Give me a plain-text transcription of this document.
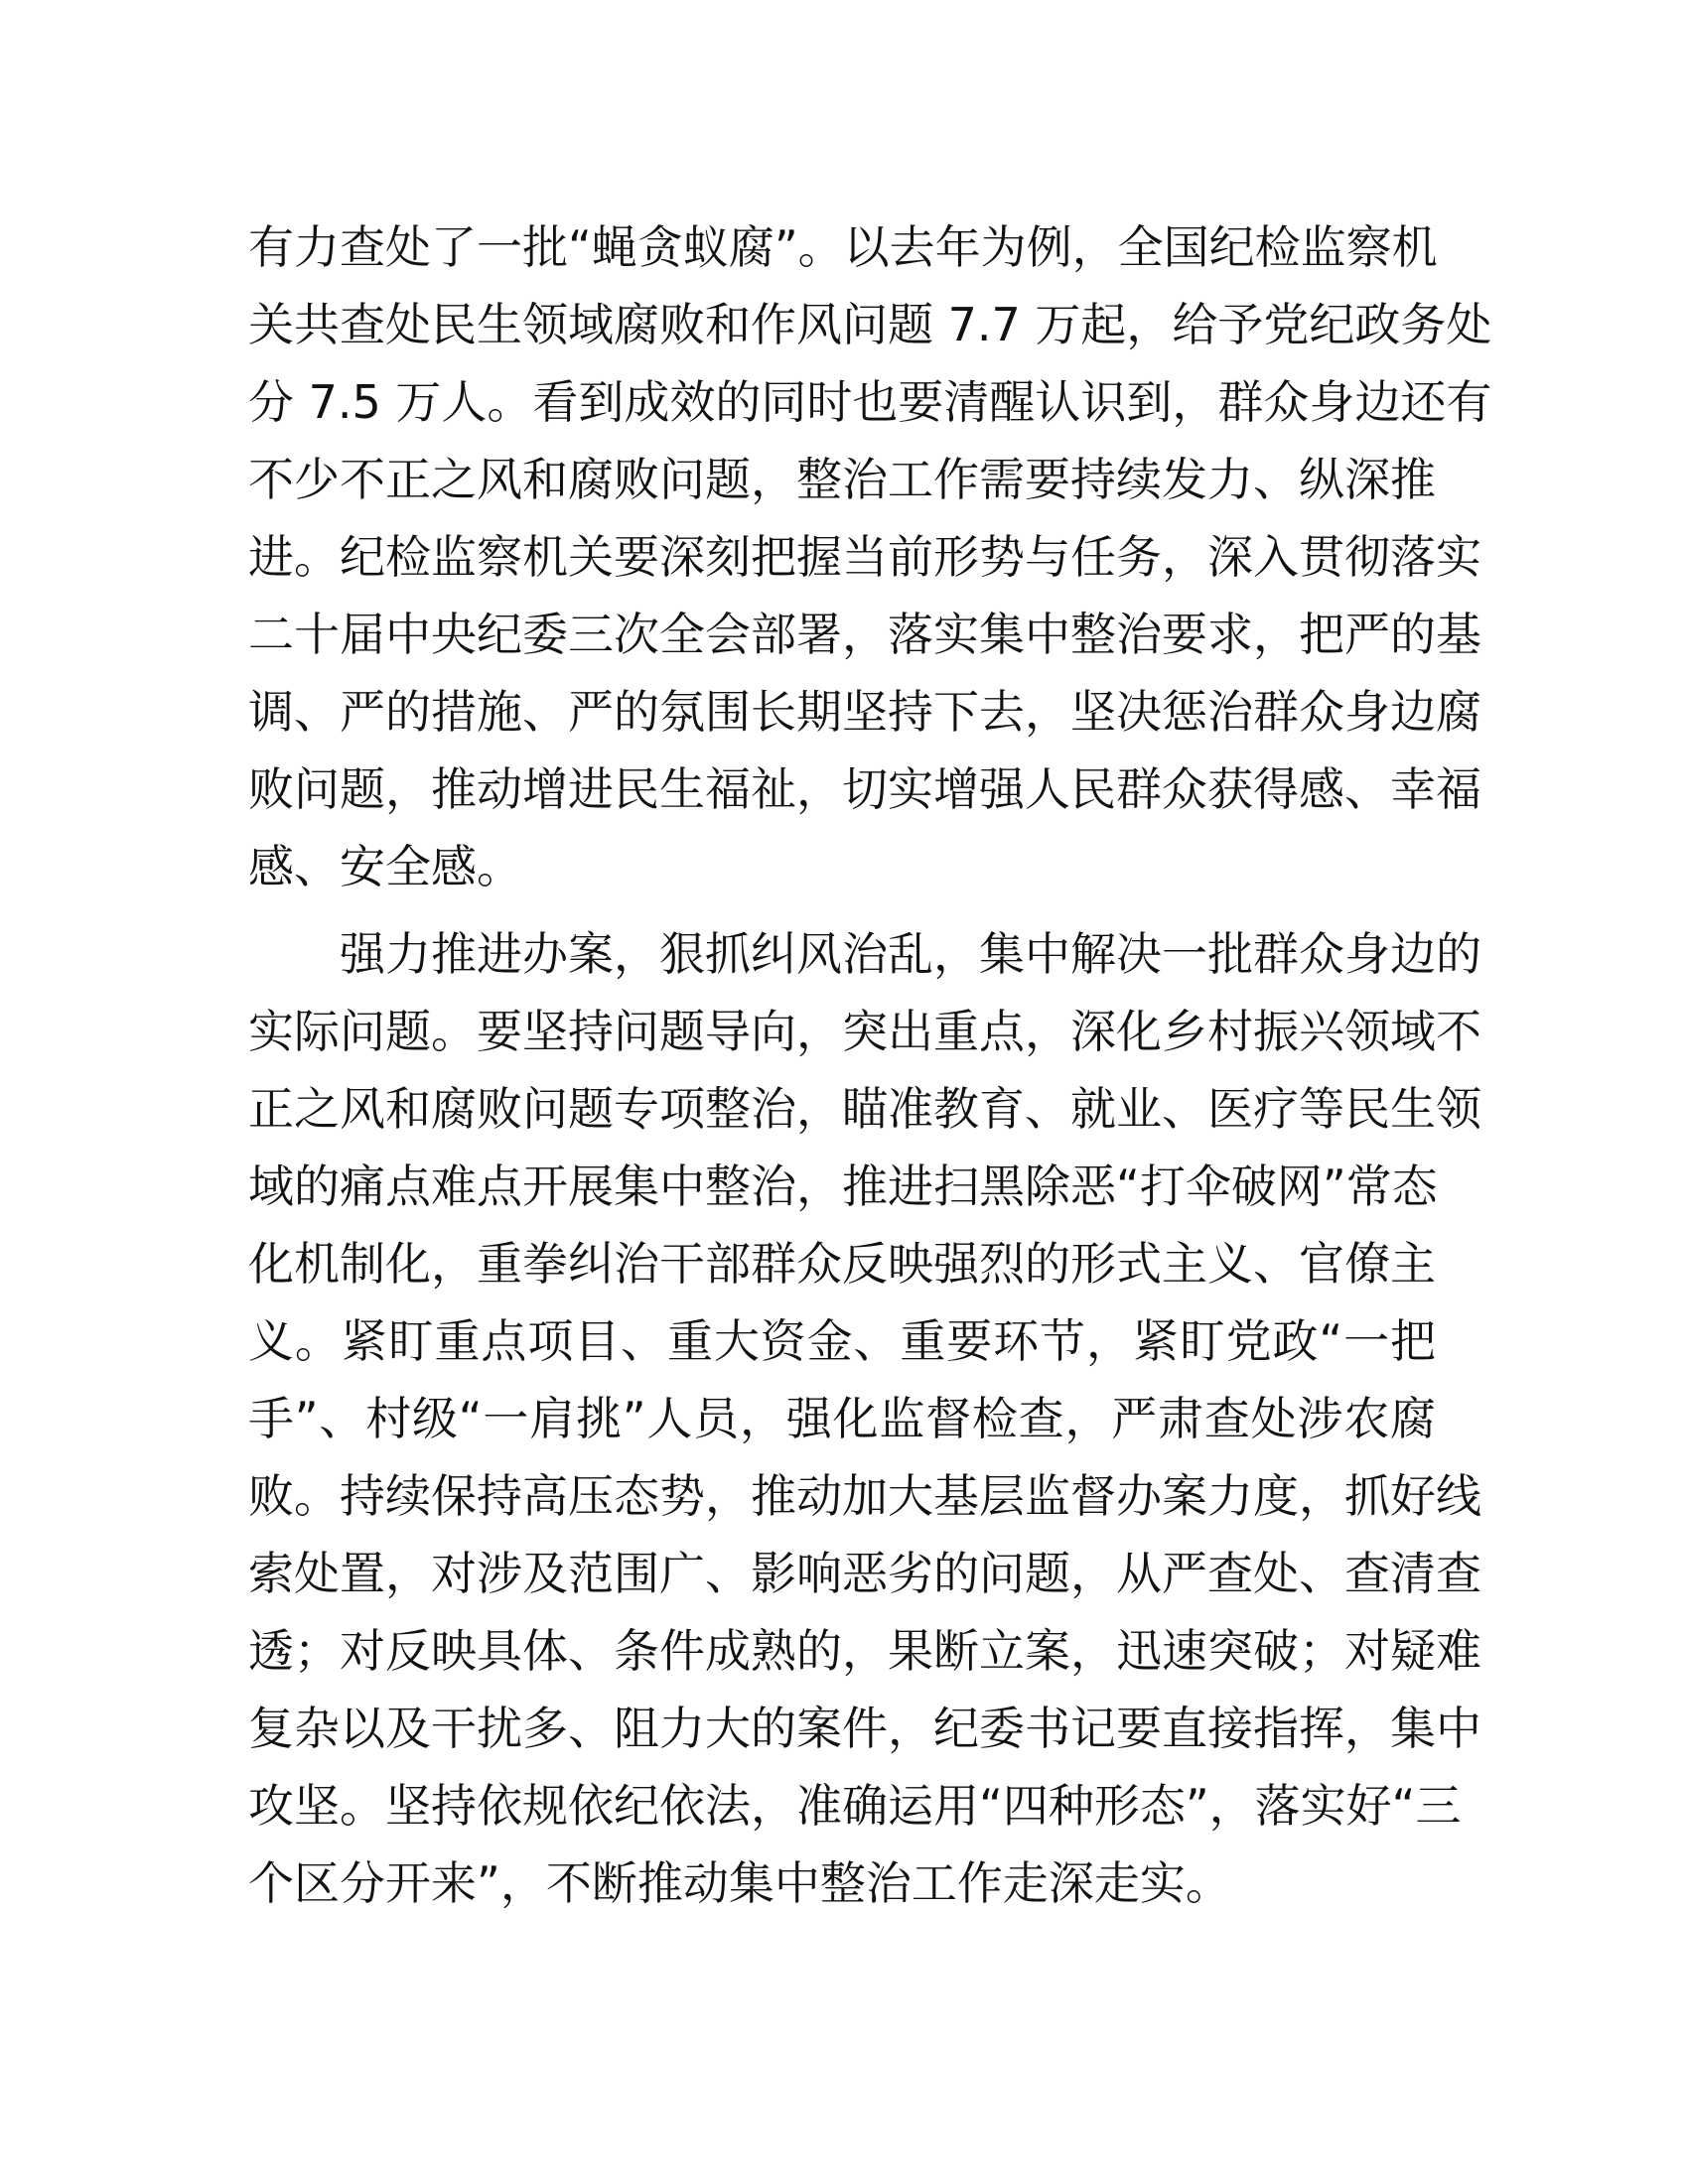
有力查处了一批“蝇贪蚁腐”。以去年为例，全国纪检监察机
关共查处民生领域腐败和作风问题 7.7 万起，给予党纪政务处
分 7.5 万人。看到成效的同时也要清醒认识到，群众身边还有
不少不正之风和腐败问题，整治工作需要持续发力、纵深推
进。纪检监察机关要深刻把握当前形势与任务，深入贯彻落实
二十届中央纪委三次全会部署，落实集中整治要求，把严的基
调、严的措施、严的氛围长期坚持下去，坚决惩治群众身边腐
败问题，推动增进民生福祉，切实增强人民群众获得感、幸福
感、安全感。
　　强力推进办案，狠抓纠风治乱，集中解决一批群众身边的
实际问题。要坚持问题导向，突出重点，深化乡村振兴领域不
正之风和腐败问题专项整治，瞄准教育、就业、医疗等民生领
域的痛点难点开展集中整治，推进扫黑除恶“打伞破网”常态
化机制化，重拳纠治干部群众反映强烈的形式主义、官僚主
义。紧盯重点项目、重大资金、重要环节，紧盯党政“一把
手”、村级“一肩挑”人员，强化监督检查，严肃查处涉农腐
败。持续保持高压态势，推动加大基层监督办案力度，抓好线
索处置，对涉及范围广、影响恶劣的问题，从严查处、查清查
透；对反映具体、条件成熟的，果断立案，迅速突破；对疑难
复杂以及干扰多、阻力大的案件，纪委书记要直接指挥，集中
攻坚。坚持依规依纪依法，准确运用“四种形态”，落实好“三
个区分开来”，不断推动集中整治工作走深走实。
